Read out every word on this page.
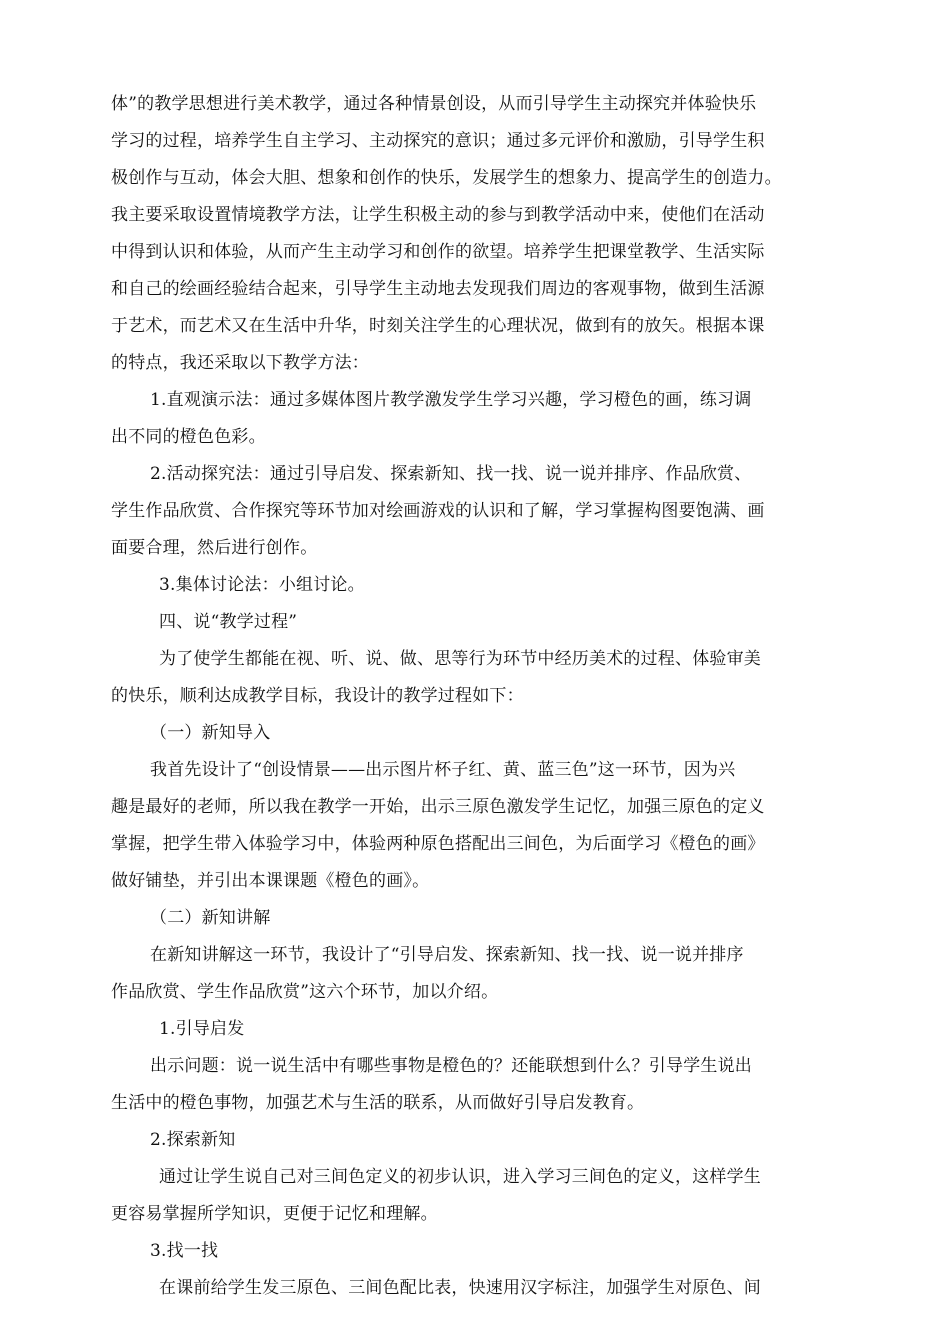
体”的教学思想进行美术教学，通过各种情景创设，从而引导学生主动探究并体验快乐
学习的过程，培养学生自主学习、主动探究的意识；通过多元评价和激励，引导学生积
极创作与互动，体会大胆、想象和创作的快乐，发展学生的想象力、提高学生的创造力。
我主要采取设置情境教学方法，让学生积极主动的参与到教学活动中来，使他们在活动
中得到认识和体验，从而产生主动学习和创作的欲望。培养学生把课堂教学、生活实际
和自己的绘画经验结合起来，引导学生主动地去发现我们周边的客观事物，做到生活源
于艺术，而艺术又在生活中升华，时刻关注学生的心理状况，做到有的放矢。根据本课
的特点，我还采取以下教学方法：
1.直观演示法：通过多媒体图片教学激发学生学习兴趣，学习橙色的画，练习调
出不同的橙色色彩。
2.活动探究法：通过引导启发、探索新知、找一找、说一说并排序、作品欣赏、
学生作品欣赏、合作探究等环节加对绘画游戏的认识和了解，学习掌握构图要饱满、画
面要合理，然后进行创作。
3.集体讨论法：小组讨论。
四、说“教学过程”
为了使学生都能在视、听、说、做、思等行为环节中经历美术的过程、体验审美
的快乐，顺利达成教学目标，我设计的教学过程如下：
（一）新知导入
我首先设计了“创设情景——出示图片杯子红、黄、蓝三色”这一环节，因为兴
趣是最好的老师，所以我在教学一开始，出示三原色激发学生记忆，加强三原色的定义
掌握，把学生带入体验学习中，体验两种原色搭配出三间色，为后面学习《橙色的画》
做好铺垫，并引出本课课题《橙色的画》。
（二）新知讲解
在新知讲解这一环节，我设计了“引导启发、探索新知、找一找、说一说并排序
作品欣赏、学生作品欣赏”这六个环节，加以介绍。
1.引导启发
出示问题：说一说生活中有哪些事物是橙色的？还能联想到什么？引导学生说出
生活中的橙色事物，加强艺术与生活的联系，从而做好引导启发教育。
2.探索新知
通过让学生说自己对三间色定义的初步认识，进入学习三间色的定义，这样学生
更容易掌握所学知识，更便于记忆和理解。
3.找一找
在课前给学生发三原色、三间色配比表，快速用汉字标注，加强学生对原色、间
